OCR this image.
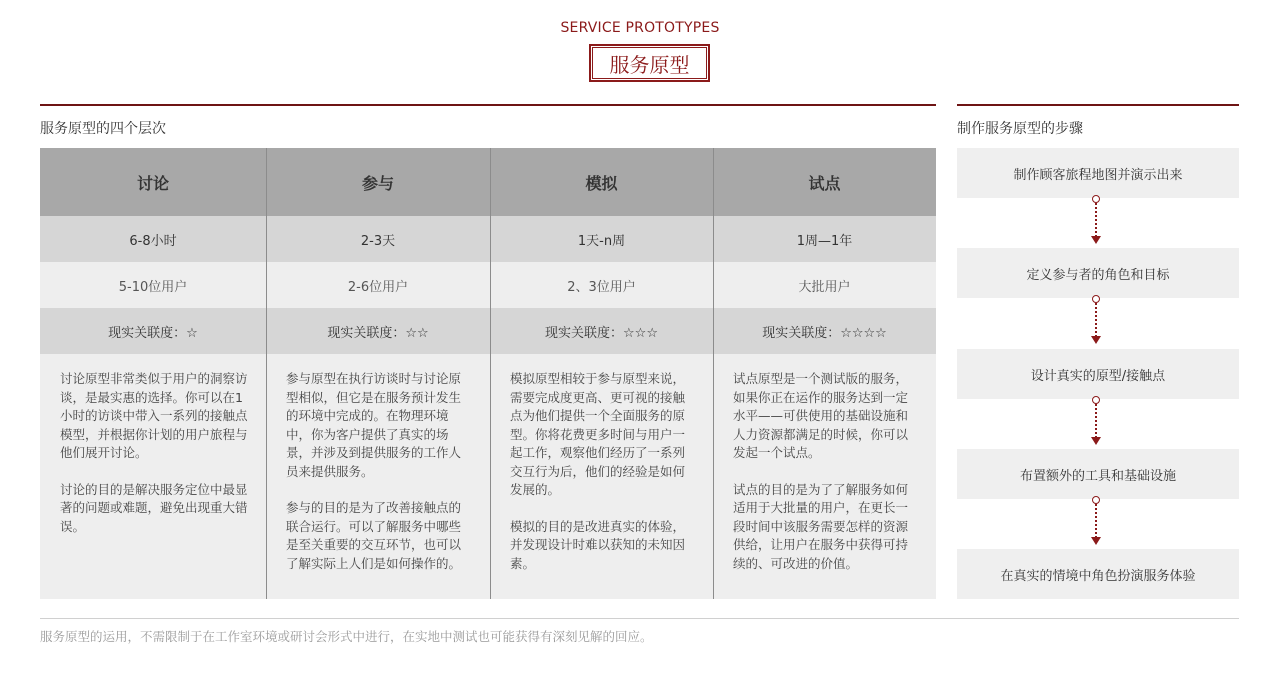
SERVICE PROTOTYPES
服务原型
服务原型的四个层次	制作服务原型的步骤
讨论
6-8小时
5-10位用户
现实关联度：☆

讨论原型非常类似于用户的洞察访谈，是最实惠的选择。你可以在1小时的访谈中带入一系列的接触点模型，并根据你计划的用户旅程与他们展开讨论。

讨论的目的是解决服务定位中最显著的问题或难题，避免出现重大错误。

参与
2-3天
2-6位用户
现实关联度：☆☆

参与原型在执行访谈时与讨论原型相似，但它是在服务预计发生的环境中完成的。在物理环境中，你为客户提供了真实的场景，并涉及到提供服务的工作人员来提供服务。

参与的目的是为了改善接触点的联合运行。可以了解服务中哪些是至关重要的交互环节，也可以了解实际上人们是如何操作的。

模拟
1天-n周
2、3位用户
现实关联度：☆☆☆

模拟原型相较于参与原型来说，需要完成度更高、更可视的接触点为他们提供一个全面服务的原型。你将花费更多时间与用户一起工作，观察他们经历了一系列交互行为后，他们的经验是如何发展的。

模拟的目的是改进真实的体验，并发现设计时难以获知的未知因素。

试点
1周—1年
大批用户
现实关联度：☆☆☆☆

试点原型是一个测试版的服务，如果你正在运作的服务达到一定水平——可供使用的基础设施和人力资源都满足的时候，你可以发起一个试点。

试点的目的是为了了解服务如何适用于大批量的用户，在更长一段时间中该服务需要怎样的资源供给，让用户在服务中获得可持续的、可改进的价值。

制作顾客旅程地图并演示出来
定义参与者的角色和目标
设计真实的原型/接触点
布置额外的工具和基础设施
在真实的情境中角色扮演服务体验
服务原型的运用，不需限制于在工作室环境或研讨会形式中进行，在实地中测试也可能获得有深刻见解的回应。
